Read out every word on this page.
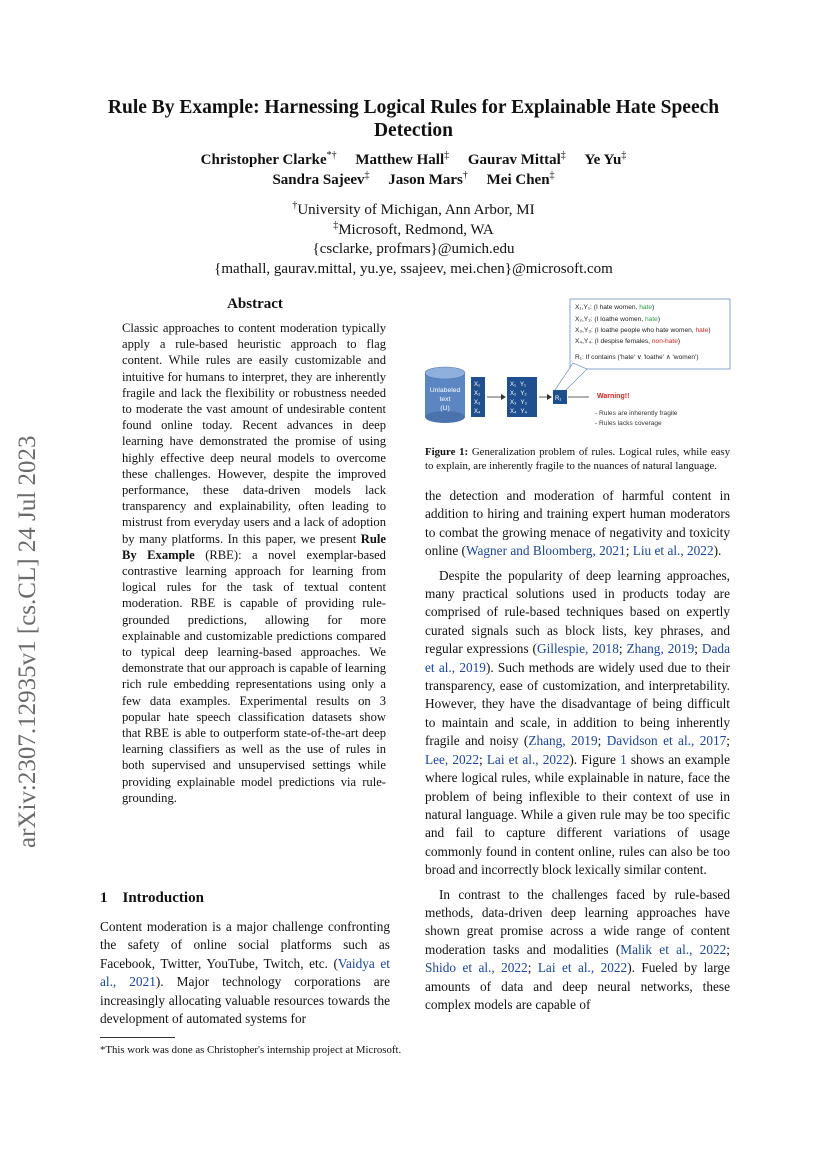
Rule By Example: Harnessing Logical Rules for Explainable Hate Speech
Detection
Christopher Clarke*† Matthew Hall‡ Gaurav Mittal‡ Ye Yu‡
Sandra Sajeev‡ Jason Mars† Mei Chen‡
†University of Michigan, Ann Arbor, MI
‡Microsoft, Redmond, WA
{csclarke, profmars}@umich.edu
{mathall, gaurav.mittal, yu.ye, ssajeev, mei.chen}@microsoft.com
arXiv:2307.12935v1 [cs.CL] 24 Jul 2023
Abstract
Classic approaches to content moderation typically apply a rule-based heuristic approach to flag content. While rules are easily customizable and intuitive for humans to interpret, they are inherently fragile and lack the flexibility or robustness needed to moderate the vast amount of undesirable content found online today. Recent advances in deep learning have demonstrated the promise of using highly effective deep neural models to overcome these challenges. However, despite the improved performance, these data-driven models lack transparency and explainability, often leading to mistrust from everyday users and a lack of adoption by many platforms. In this paper, we present Rule By Example (RBE): a novel exemplar-based contrastive learning approach for learning from logical rules for the task of textual content moderation. RBE is capable of providing rule-grounded predictions, allowing for more explainable and customizable predictions compared to typical deep learning-based approaches. We demonstrate that our approach is capable of learning rich rule embedding representations using only a few data examples. Experimental results on 3 popular hate speech classification datasets show that RBE is able to outperform state-of-the-art deep learning classifiers as well as the use of rules in both supervised and unsupervised settings while providing explainable model predictions via rule-grounding.
1 Introduction
Content moderation is a major challenge confronting the safety of online social platforms such as Facebook, Twitter, YouTube, Twitch, etc. (Vaidya et al., 2021). Major technology corporations are increasingly allocating valuable resources towards the development of automated systems for
*This work was done as Christopher's internship project at Microsoft.
X₁,Y₁: (I hate women, hate)
X₂,Y₂: (I loathe women, hate)
X₃,Y₃: (I loathe people who hate women, hate)
X₄,Y₄: (I despise females, non-hate)
R₁: If contains ('hate' ∨ 'loathe' ∧ 'women')
Unlabeled
text
(U)
X₁
X₂
X₃
X₄
X₁ Y₁
X₂ Y₂
X₃ Y₃
X₄ Y₄
R₁	Warning!!
- Rules are inherently fragile
- Rules lacks coverage
Figure 1: Generalization problem of rules. Logical rules, while easy to explain, are inherently fragile to the nuances of natural language.

the detection and moderation of harmful content in addition to hiring and training expert human moderators to combat the growing menace of negativity and toxicity online (Wagner and Bloomberg, 2021; Liu et al., 2022).

Despite the popularity of deep learning approaches, many practical solutions used in products today are comprised of rule-based techniques based on expertly curated signals such as block lists, key phrases, and regular expressions (Gillespie, 2018; Zhang, 2019; Dada et al., 2019). Such methods are widely used due to their transparency, ease of customization, and interpretability. However, they have the disadvantage of being difficult to maintain and scale, in addition to being inherently fragile and noisy (Zhang, 2019; Davidson et al., 2017; Lee, 2022; Lai et al., 2022). Figure 1 shows an example where logical rules, while explainable in nature, face the problem of being inflexible to their context of use in natural language. While a given rule may be too specific and fail to capture different variations of usage commonly found in content online, rules can also be too broad and incorrectly block lexically similar content.

In contrast to the challenges faced by rule-based methods, data-driven deep learning approaches have shown great promise across a wide range of content moderation tasks and modalities (Malik et al., 2022; Shido et al., 2022; Lai et al., 2022). Fueled by large amounts of data and deep neural networks, these complex models are capable of
